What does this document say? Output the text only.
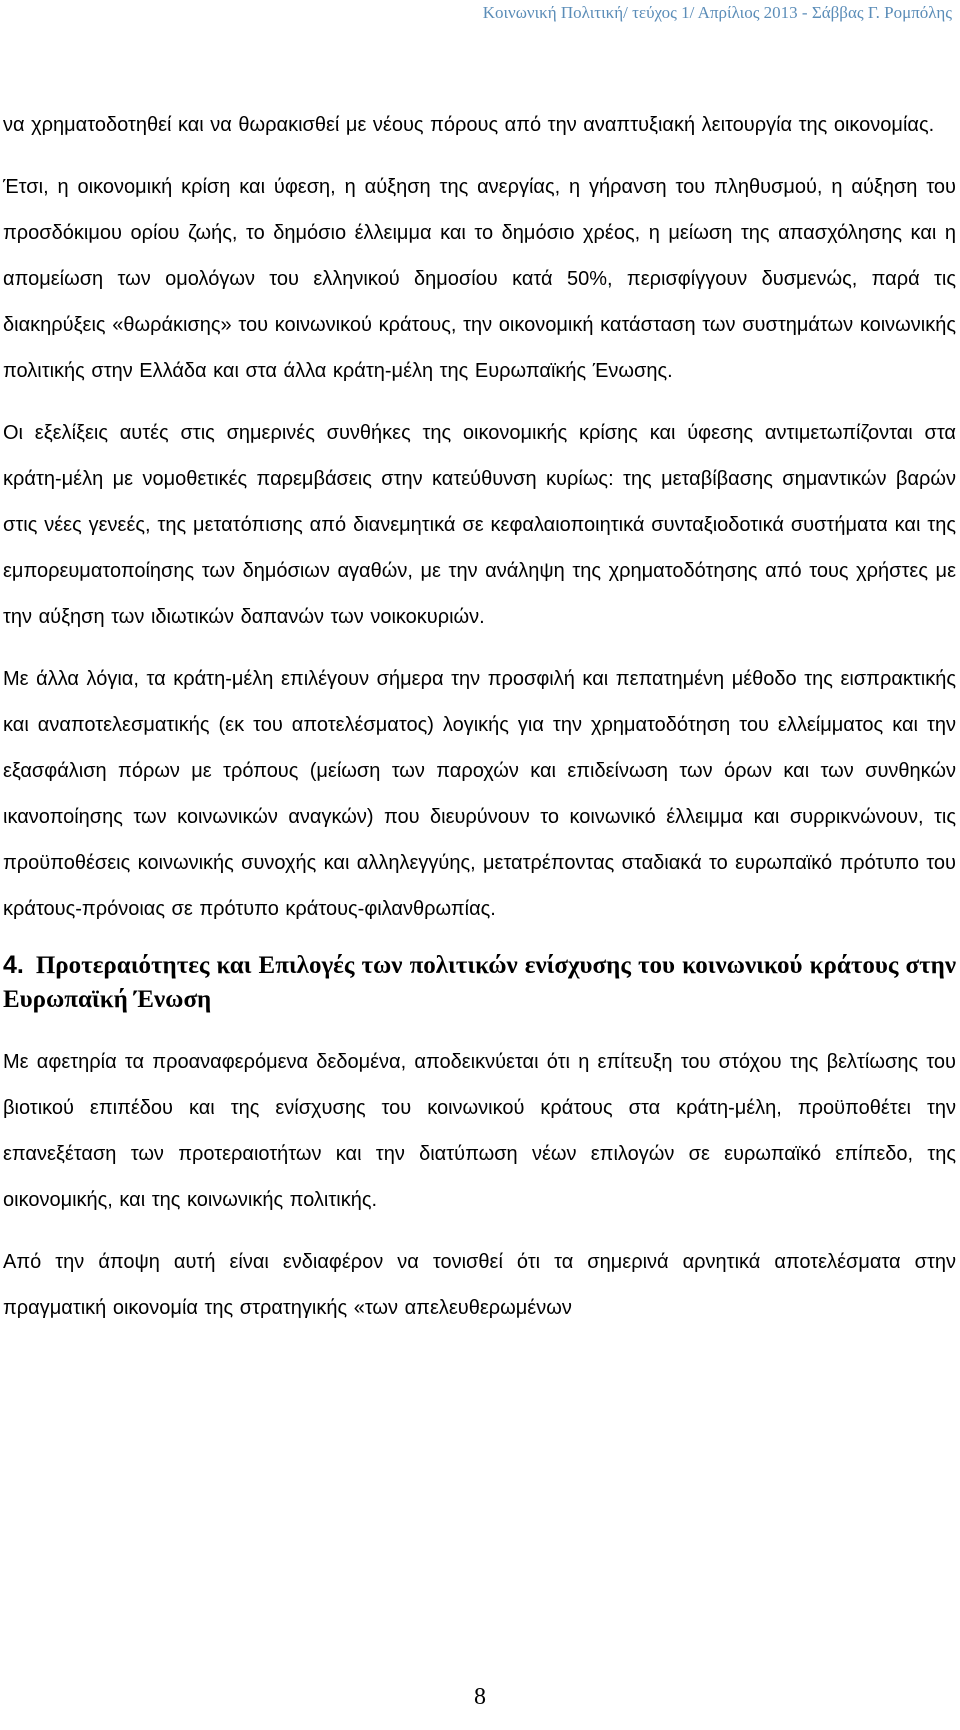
Κοινωνική Πολιτική/ τεύχος 1/ Απρίλιος 2013 - Σάββας Γ. Ρομπόλης

να χρηματοδοτηθεί και να θωρακισθεί με νέους πόρους από την αναπτυξιακή λειτουργία της οικονομίας.

Έτσι, η οικονομική κρίση και ύφεση, η αύξηση της ανεργίας, η γήρανση του πληθυσμού, η αύξηση του προσδόκιμου ορίου ζωής, το δημόσιο έλλειμμα και το δημόσιο χρέος, η μείωση της απασχόλησης και η απομείωση των ομολόγων του ελληνικού δημοσίου κατά 50%, περισφίγγουν δυσμενώς, παρά τις διακηρύξεις «θωράκισης» του κοινωνικού κράτους, την οικονομική κατάσταση των συστημάτων κοινωνικής πολιτικής στην Ελλάδα και στα άλλα κράτη-μέλη της Ευρωπαϊκής Ένωσης.

Οι εξελίξεις αυτές στις σημερινές συνθήκες της οικονομικής κρίσης και ύφεσης αντιμετωπίζονται στα κράτη-μέλη με νομοθετικές παρεμβάσεις στην κατεύθυνση κυρίως: της μεταβίβασης σημαντικών βαρών στις νέες γενεές, της μετατόπισης από διανεμητικά σε κεφαλαιοποιητικά συνταξιοδοτικά συστήματα και της εμπορευματοποίησης των δημόσιων αγαθών, με την ανάληψη της χρηματοδότησης από τους χρήστες με την αύξηση των ιδιωτικών δαπανών των νοικοκυριών.

Με άλλα λόγια, τα κράτη-μέλη επιλέγουν σήμερα την προσφιλή και πεπατημένη μέθοδο της εισπρακτικής και αναποτελεσματικής (εκ του αποτελέσματος) λογικής για την χρηματοδότηση του ελλείμματος και την εξασφάλιση πόρων με τρόπους (μείωση των παροχών και επιδείνωση των όρων και των συνθηκών ικανοποίησης των κοινωνικών αναγκών) που διευρύνουν το κοινωνικό έλλειμμα και συρρικνώνουν, τις προϋποθέσεις κοινωνικής συνοχής και αλληλεγγύης, μετατρέποντας σταδιακά το ευρωπαϊκό πρότυπο του κράτους-πρόνοιας σε πρότυπο κράτους-φιλανθρωπίας.

4. Προτεραιότητες και Επιλογές των πολιτικών ενίσχυσης του κοινωνικού κράτους στην Ευρωπαϊκή Ένωση

Με αφετηρία τα προαναφερόμενα δεδομένα, αποδεικνύεται ότι η επίτευξη του στόχου της βελτίωσης του βιοτικού επιπέδου και της ενίσχυσης του κοινωνικού κράτους στα κράτη-μέλη, προϋποθέτει την επανεξέταση των προτεραιοτήτων και την διατύπωση νέων επιλογών σε ευρωπαϊκό επίπεδο, της οικονομικής, και της κοινωνικής πολιτικής.

Από την άποψη αυτή είναι ενδιαφέρον να τονισθεί ότι τα σημερινά αρνητικά αποτελέσματα στην πραγματική οικονομία της στρατηγικής «των απελευθερωμένων

8
